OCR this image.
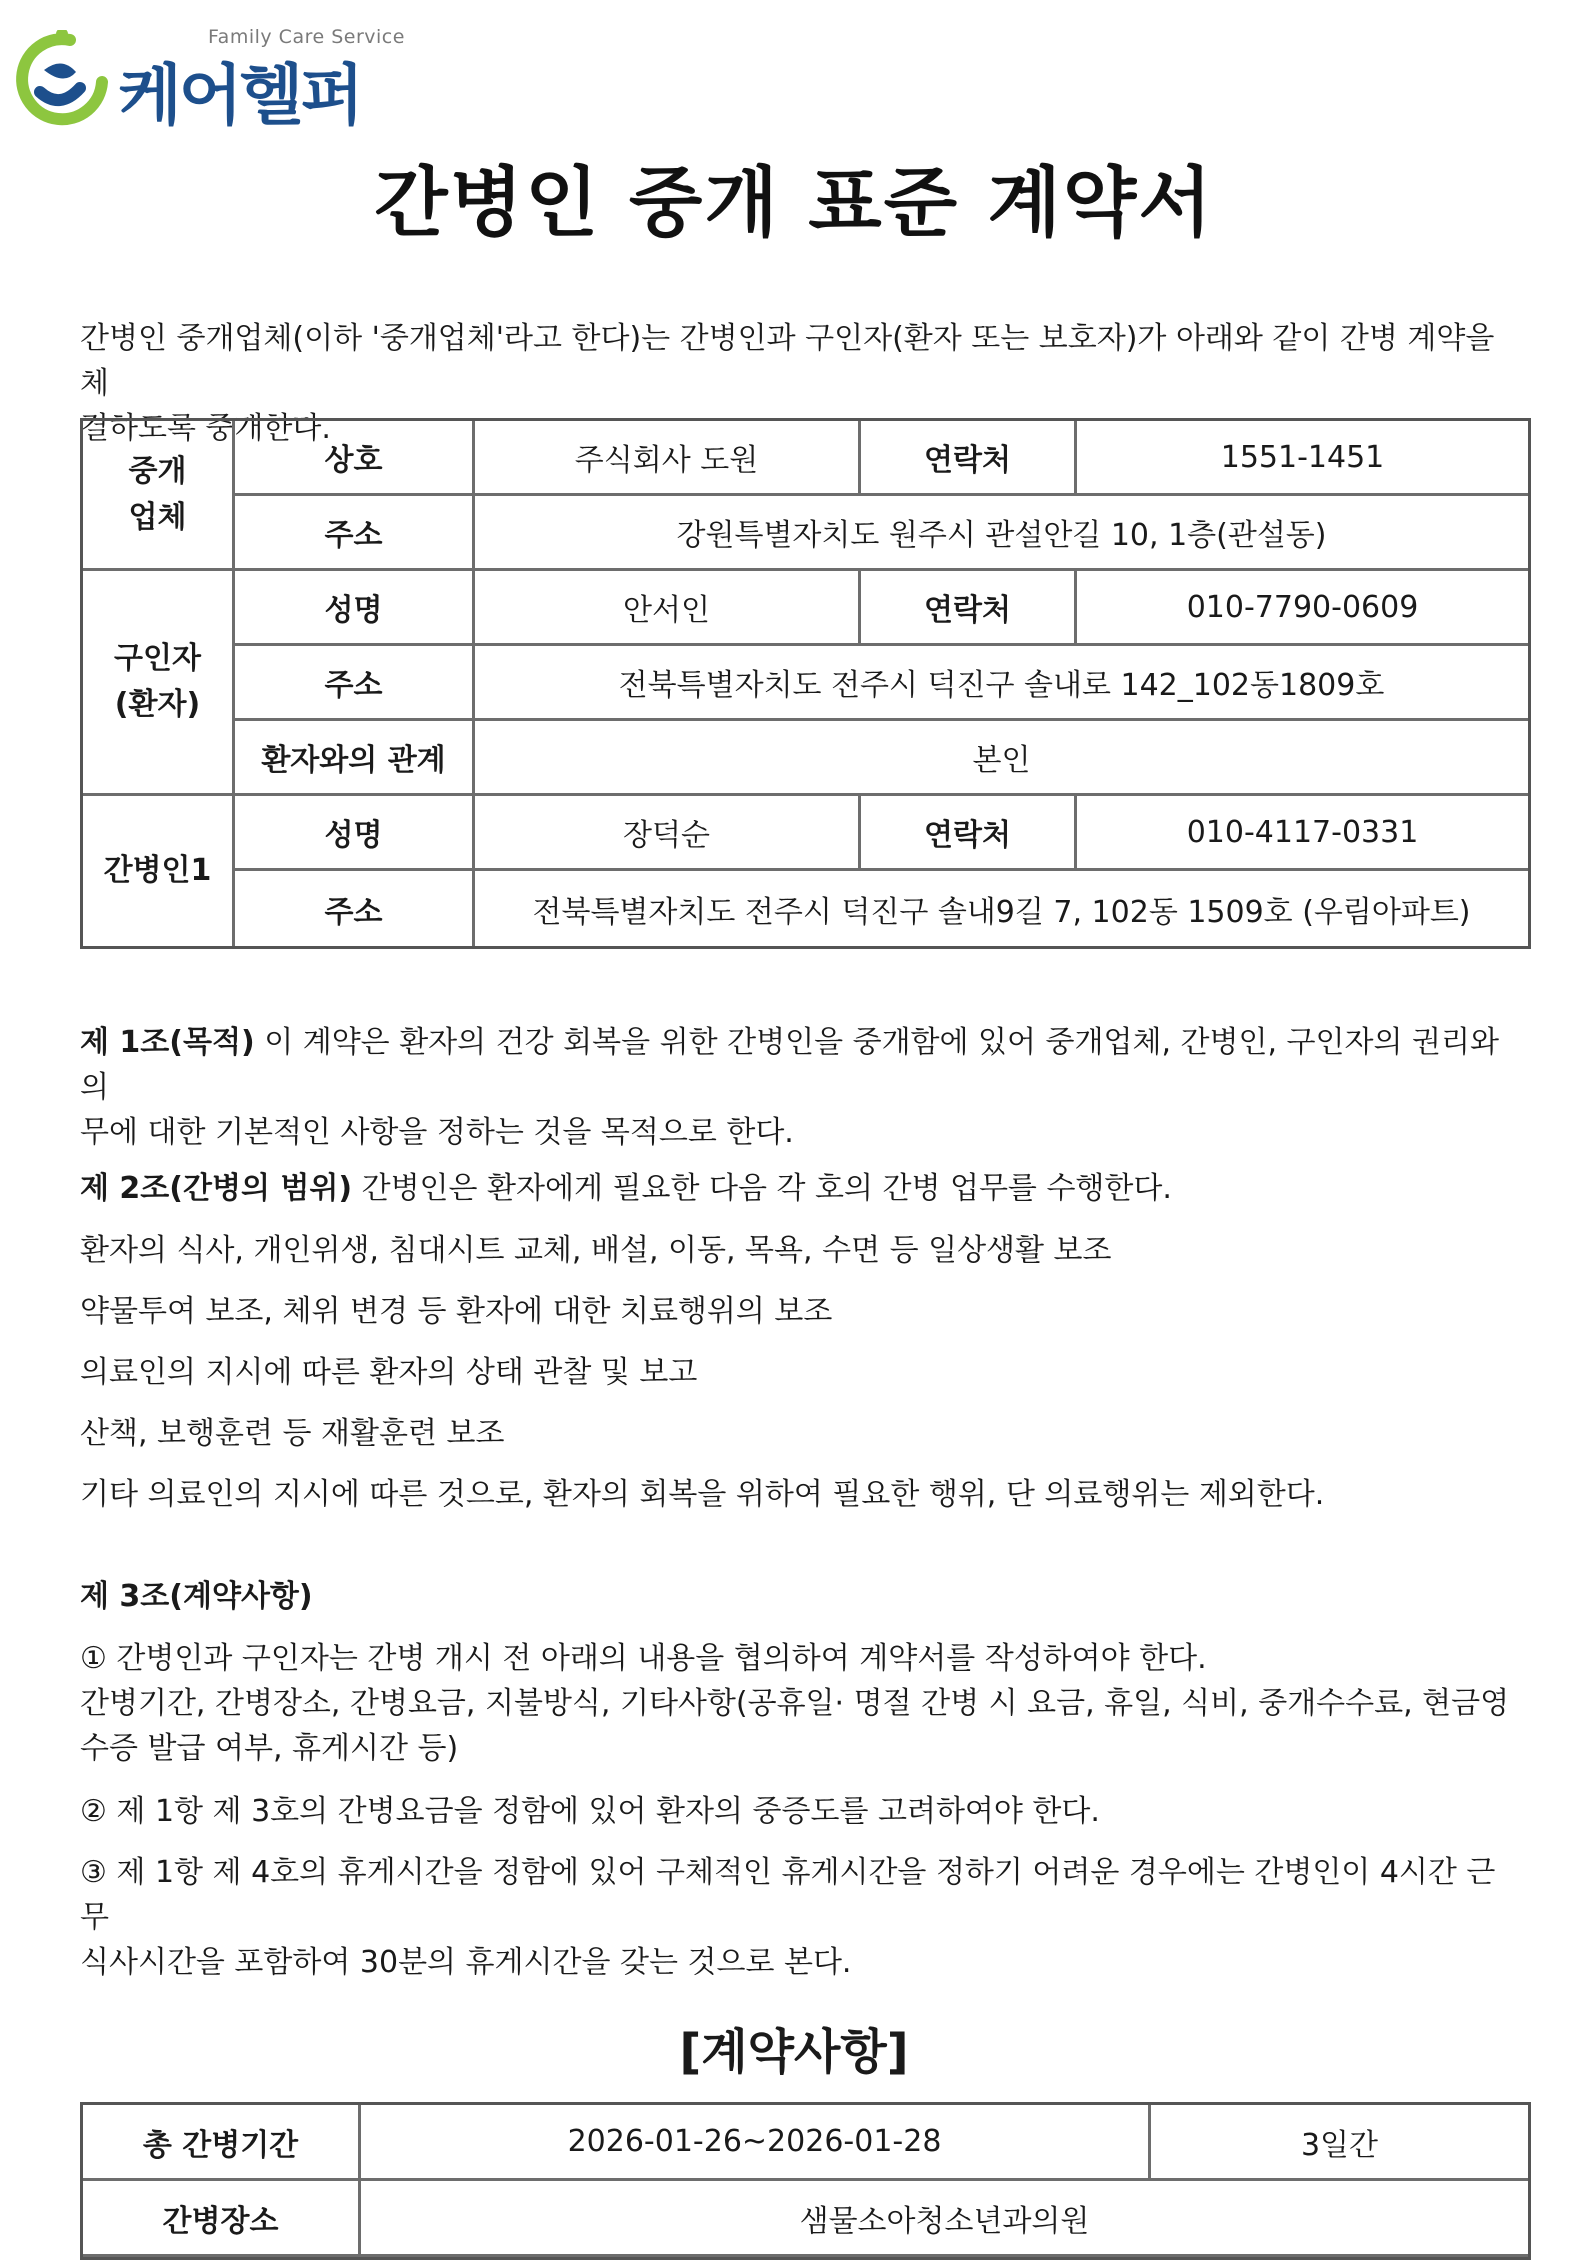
Family Care Service
케어헬퍼
간병인 중개 표준 계약서
간병인 중개업체(이하 '중개업체'라고 한다)는 간병인과 구인자(환자 또는 보호자)가 아래와 같이 간병 계약을 체
결하도록 중개한다.
중개
업체	상호	주식회사 도원	연락처	1551-1451
	주소	강원특별자치도 원주시 관설안길 10, 1층(관설동)		

구인자
(환자)	성명	안서인	연락처	010-7790-0609
	주소	전북특별자치도 전주시 덕진구 솔내로 142_102동1809호		
	환자와의 관계	본인		
간병인1	성명	장덕순	연락처	010-4117-0331
	주소	전북특별자치도 전주시 덕진구 솔내9길 7, 102동 1509호 (우림아파트)		
제 1조(목적) 이 계약은 환자의 건강 회복을 위한 간병인을 중개함에 있어 중개업체, 간병인, 구인자의 권리와 의
무에 대한 기본적인 사항을 정하는 것을 목적으로 한다.
제 2조(간병의 범위) 간병인은 환자에게 필요한 다음 각 호의 간병 업무를 수행한다.
환자의 식사, 개인위생, 침대시트 교체, 배설, 이동, 목욕, 수면 등 일상생활 보조
약물투여 보조, 체위 변경 등 환자에 대한 치료행위의 보조
의료인의 지시에 따른 환자의 상태 관찰 및 보고
산책, 보행훈련 등 재활훈련 보조
기타 의료인의 지시에 따른 것으로, 환자의 회복을 위하여 필요한 행위, 단 의료행위는 제외한다.
제 3조(계약사항)
① 간병인과 구인자는 간병 개시 전 아래의 내용을 협의하여 계약서를 작성하여야 한다.
간병기간, 간병장소, 간병요금, 지불방식, 기타사항(공휴일· 명절 간병 시 요금, 휴일, 식비, 중개수수료, 현금영
수증 발급 여부, 휴게시간 등)
② 제 1항 제 3호의 간병요금을 정함에 있어 환자의 중증도를 고려하여야 한다.
③ 제 1항 제 4호의 휴게시간을 정함에 있어 구체적인 휴게시간을 정하기 어려운 경우에는 간병인이 4시간 근무
식사시간을 포함하여 30분의 휴게시간을 갖는 것으로 본다.
[계약사항]
총 간병기간	2026-01-26~2026-01-28	3일간
간병장소	샘물소아청소년과의원	
